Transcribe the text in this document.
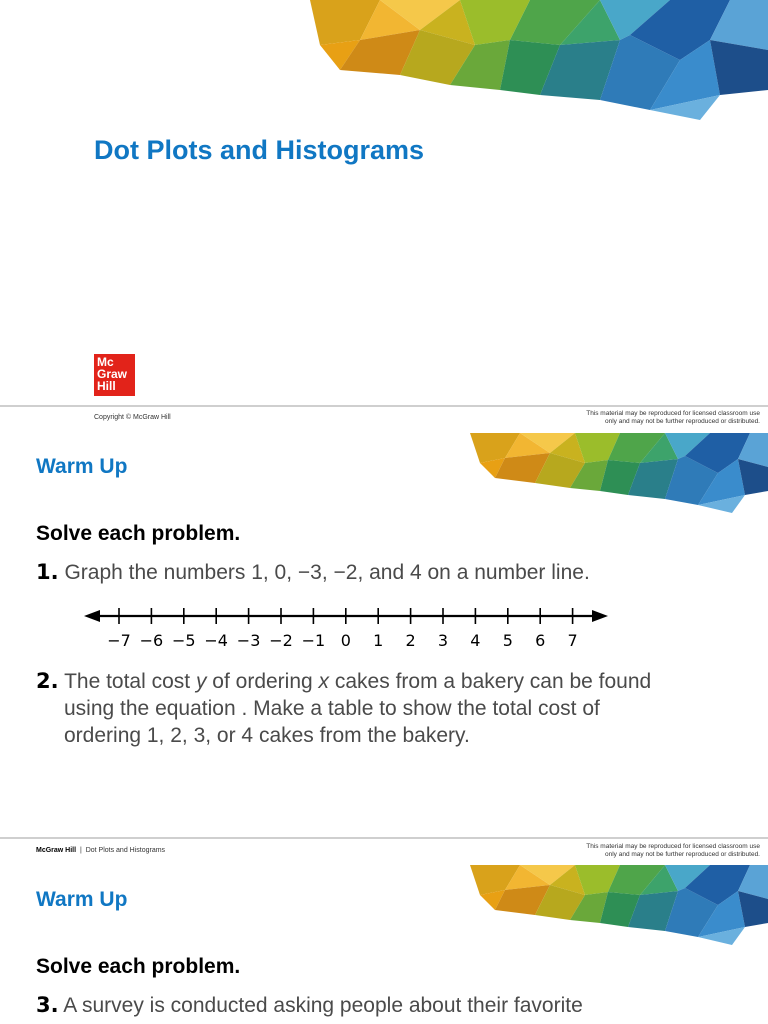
Dot Plots and Histograms
Mc
Graw
Hill

Copyright © McGraw Hill

This material may be reproduced for licensed classroom use
only and may not be further reproduced or distributed.
Warm Up

Solve each problem.

1. Graph the numbers 1, 0, −3, −2, and 4 on a number line.

−7 −6 −5 −4 −3 −2 −1 0 1 2 3 4 5 6 7

2. The total cost y of ordering x cakes from a bakery can be found
using the equation . Make a table to show the total cost of
ordering 1, 2, 3, or 4 cakes from the bakery.

McGraw Hill | Dot Plots and Histograms

This material may be reproduced for licensed classroom use
only and may not be further reproduced or distributed.
Warm Up

Solve each problem.

3. A survey is conducted asking people about their favorite
